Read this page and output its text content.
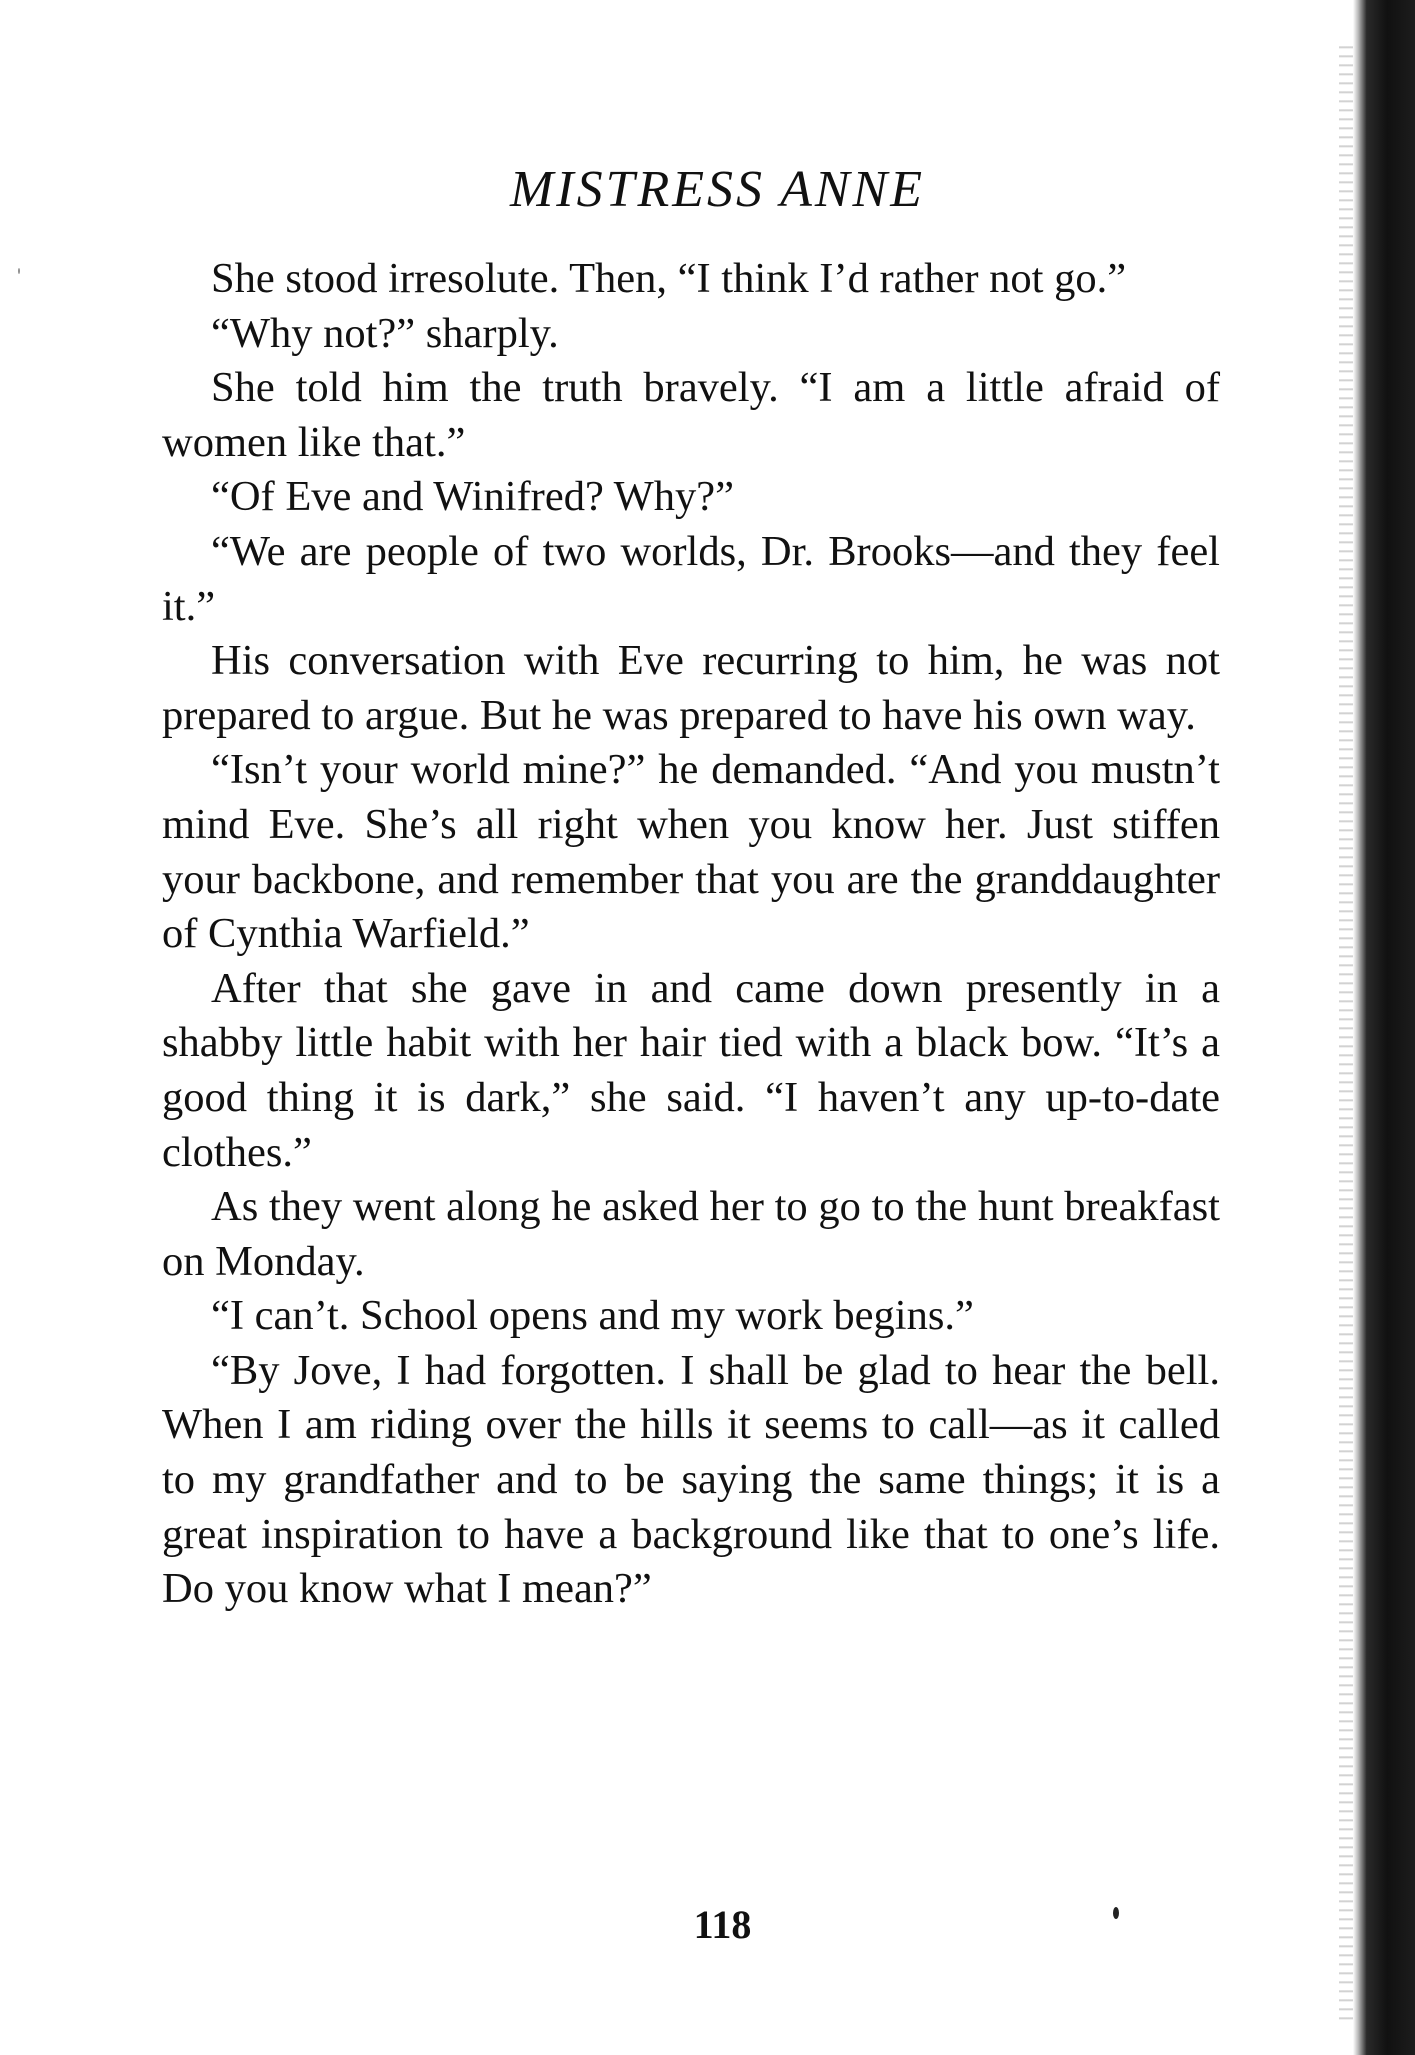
MISTRESS ANNE

She stood irresolute. Then, “I think I’d rather not go.”

“Why not?” sharply.

She told him the truth bravely. “I am a little afraid of women like that.”

“Of Eve and Winifred? Why?”

“We are people of two worlds, Dr. Brooks—and they feel it.”

His conversation with Eve recurring to him, he was not prepared to argue. But he was prepared to have his own way.

“Isn’t your world mine?” he demanded. “And you mustn’t mind Eve. She’s all right when you know her. Just stiffen your backbone, and remember that you are the granddaughter of Cynthia Warfield.”

After that she gave in and came down presently in a shabby little habit with her hair tied with a black bow. “It’s a good thing it is dark,” she said. “I haven’t any up-to-date clothes.”

As they went along he asked her to go to the hunt breakfast on Monday.

“I can’t. School opens and my work begins.”

“By Jove, I had forgotten. I shall be glad to hear the bell. When I am riding over the hills it seems to call—as it called to my grandfather and to be saying the same things; it is a great inspiration to have a background like that to one’s life. Do you know what I mean?”

118
